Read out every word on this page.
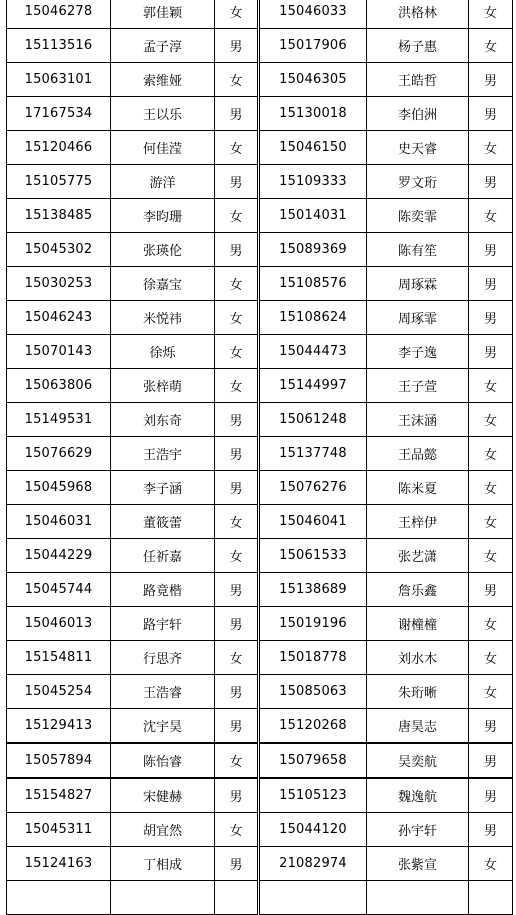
15046278	郭佳颖	女	15046033	洪格林	女
15113516	孟子淳	男	15017906	杨子惠	女
15063101	索维娅	女	15046305	王皓哲	男
17167534	王以乐	男	15130018	李伯洲	男
15120466	何佳滢	女	15046150	史天睿	女
15105775	游洋	男	15109333	罗文珩	男
15138485	李昀珊	女	15014031	陈奕霏	女
15045302	张瑛伦	男	15089369	陈有笙	男
15030253	徐嘉宝	女	15108576	周琢霖	男
15046243	米悦祎	女	15108624	周琢霏	男
15070143	徐烁	女	15044473	李子逸	男
15063806	张梓萌	女	15144997	王子萱	女
15149531	刘东奇	男	15061248	王沫涵	女
15076629	王浩宇	男	15137748	王品懿	女
15045968	李子涵	男	15076276	陈米夏	女
15046031	董筱蕾	女	15046041	王梓伊	女
15044229	任祈嘉	女	15061533	张艺潇	女
15045744	路竟楷	男	15138689	詹乐鑫	男
15046013	路宇轩	男	15019196	谢橦橦	女
15154811	行思齐	女	15018778	刘水木	女
15045254	王浩睿	男	15085063	朱珩晰	女
15129413	沈宇昊	男	15120268	唐昊志	男
15057894	陈怡睿	女	15079658	吴奕航	男
15154827	宋健赫	男	15105123	魏逸航	男
15045311	胡宜然	女	15044120	孙宇轩	男
15124163	丁相成	男	21082974	张紫宣	女
